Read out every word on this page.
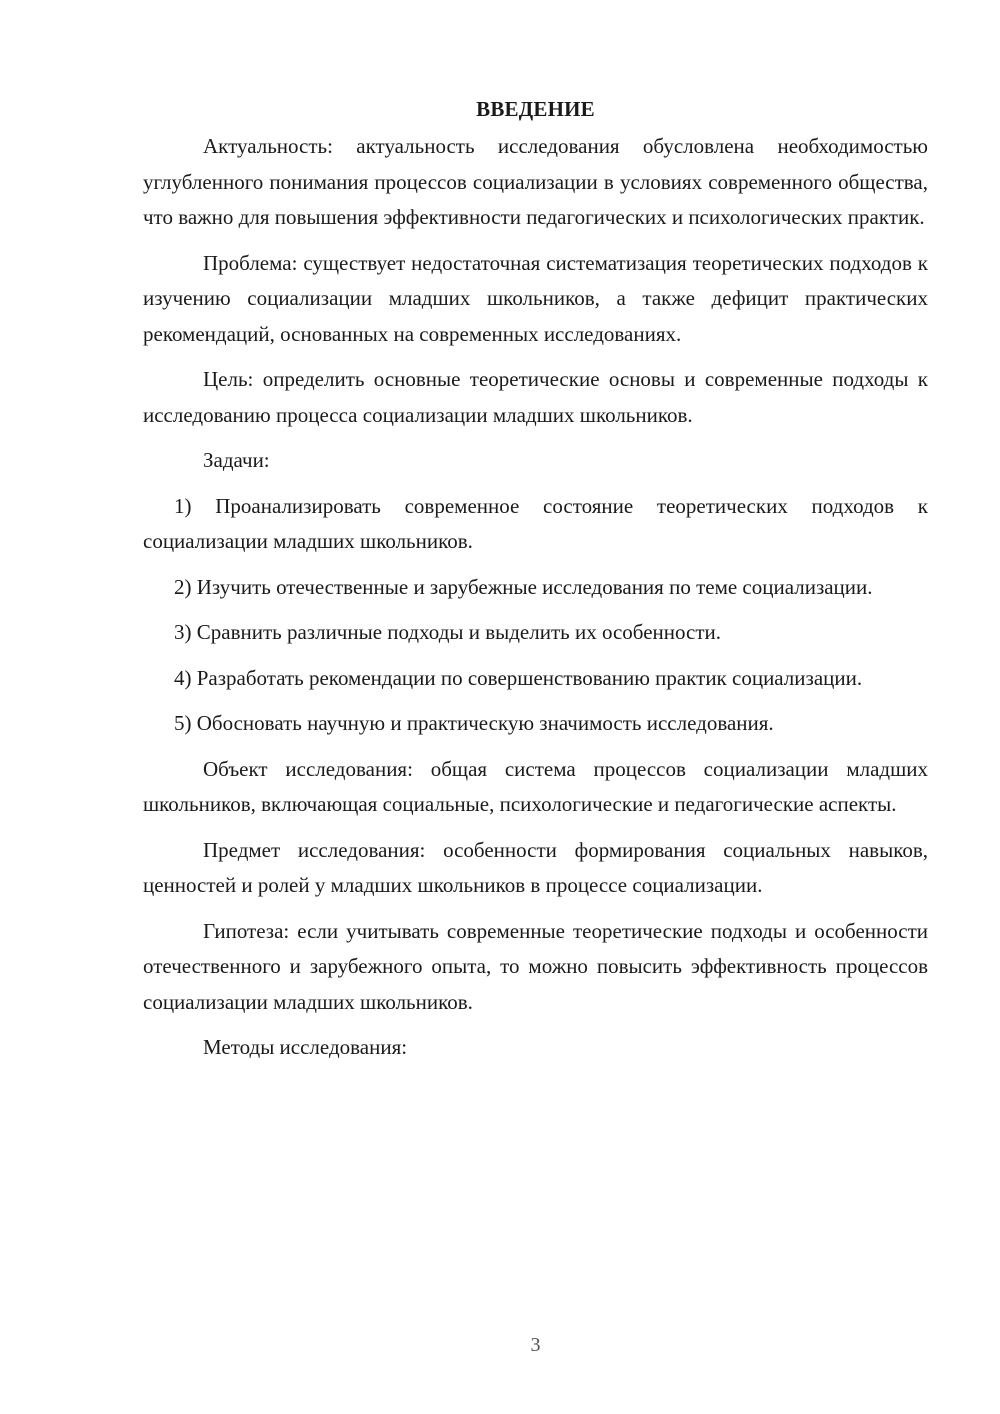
ВВЕДЕНИЕ

Актуальность: актуальность исследования обусловлена необходимостью углубленного понимания процессов социализации в условиях современного общества, что важно для повышения эффективности педагогических и психологических практик.

Проблема: существует недостаточная систематизация теоретических подходов к изучению социализации младших школьников, а также дефицит практических рекомендаций, основанных на современных исследованиях.

Цель: определить основные теоретические основы и современные подходы к исследованию процесса социализации младших школьников.

Задачи:

1) Проанализировать современное состояние теоретических подходов к социализации младших школьников.

2) Изучить отечественные и зарубежные исследования по теме социализации.

3) Сравнить различные подходы и выделить их особенности.

4) Разработать рекомендации по совершенствованию практик социализации.

5) Обосновать научную и практическую значимость исследования.

Объект исследования: общая система процессов социализации младших школьников, включающая социальные, психологические и педагогические аспекты.

Предмет исследования: особенности формирования социальных навыков, ценностей и ролей у младших школьников в процессе социализации.

Гипотеза: если учитывать современные теоретические подходы и особенности отечественного и зарубежного опыта, то можно повысить эффективность процессов социализации младших школьников.

Методы исследования:

3
